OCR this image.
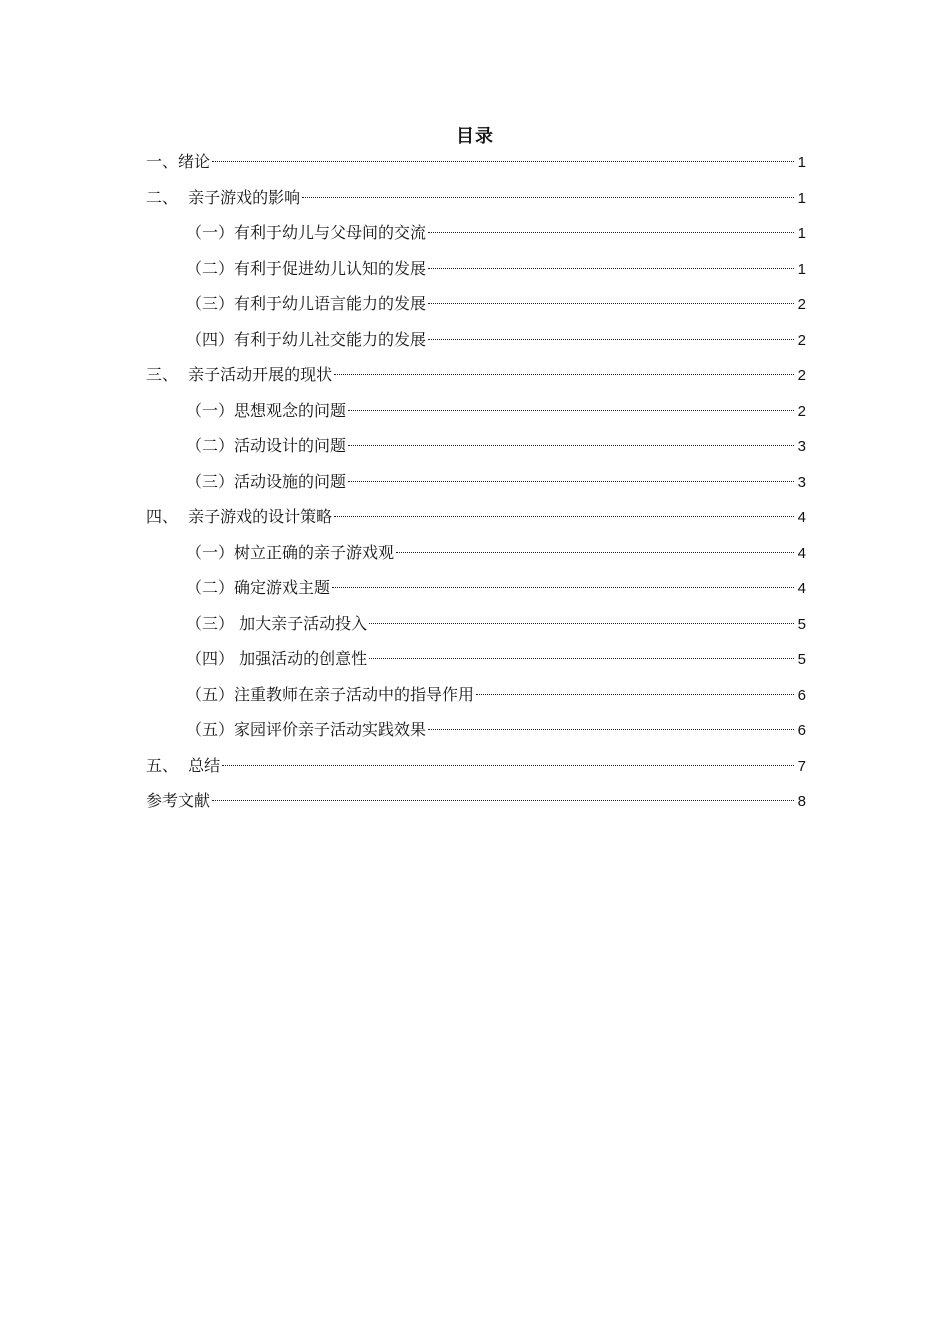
目录
一、绪论	1
二、  亲子游戏的影响	1
（一）有利于幼儿与父母间的交流	1
（二）有利于促进幼儿认知的发展	1
（三）有利于幼儿语言能力的发展	2
（四）有利于幼儿社交能力的发展	2
三、  亲子活动开展的现状	2
（一）思想观念的问题	2
（二）活动设计的问题	3
（三）活动设施的问题	3
四、  亲子游戏的设计策略	4
（一）树立正确的亲子游戏观	4
（二）确定游戏主题	4
（三） 加大亲子活动投入	5
（四） 加强活动的创意性	5
（五）注重教师在亲子活动中的指导作用	6
（五）家园评价亲子活动实践效果	6
五、  总结	7
参考文献	8
